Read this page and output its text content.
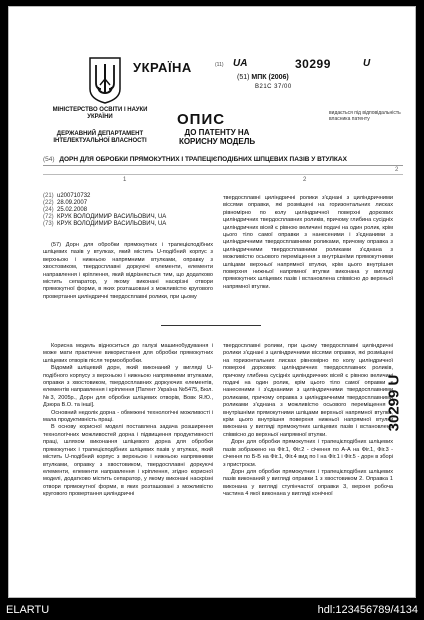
УКРАЇНА
МІНІСТЕРСТВО ОСВІТИ І НАУКИ УКРАЇНИ
ДЕРЖАВНИЙ ДЕПАРТАМЕНТ ІНТЕЛЕКТУАЛЬНОЇ ВЛАСНОСТІ
(11) UA	30299	U
(51) МПК (2006)
B21C 37/00
ОПИС
ДО ПАТЕНТУ НА КОРИСНУ МОДЕЛЬ
видається під відповідальність власника патенту
(54) ДОРН ДЛЯ ОБРОБКИ ПРЯМОКУТНИХ І ТРАПЕЦІЄПОДІБНИХ ШПЦЕВИХ ПАЗІВ У ВТУЛКАХ
1	2
(21) u200710732
(22) 28.09.2007
(24) 25.02.2008
(72) КРУК ВОЛОДИМИР ВАСИЛЬОВИЧ, UA
(73) КРУК ВОЛОДИМИР ВАСИЛЬОВИЧ, UA

(57) Дорн для обробки прямокутних і трапецієподібних шліцевих пазів у втулках, який містить U-подібний корпус з верхньою і нижньою напрямними втулками, оправку з хвостовиком, твердосплавні доркуючі елементи, елементи направлення і кріплення, який відрізняється тим, що додатково містить сепаратор, у якому виконані наскрізні отвори прямокутної форми, в яких розташовані з можливістю кругового провертання циліндричні твердосплавні ролики, при цьому

твердосплавні циліндричні ролики з'єднані з циліндричними віссями оправки, які розміщені на горизонтальних лисках рівномірно по колу циліндричної поверхні доркових циліндричних твердосплавних роликів, причому глибина сусідніх циліндричних вісей є рівною величині подачі на один ролик, крім цього тіло самої оправки з нанесеними і з'єднаними з циліндричними твердосплавними роликами, причому оправка з циліндричними твердосплавними роликами з'єднана з можливістю осьового переміщення з внутрішніми прямокутними шліцами верхньої напрямної втулки, крім цього внутрішня поверхня нижньої напрямної втулки виконана у вигляді прямокутних шліцевих пазів і встановлена співвісно до верхньої напрямної втулки.

Корисна модель відноситься до галузі машинобудування і може мати практичне використання для обробки прямокутних шліцевих отворів після термообробки.

Відомий шліцевий дорн, який виконаний у вигляді U-подібного корпусу з верхньою і нижньою напрямними втулками, оправки з хвостовиком, твердосплавних доркуючих елементів, елементів направлення і кріплення [Патент Україна №5475, Бюл.№3, 2005р., Дорн для обробки шліцевих отворів, Вовк Я.Ю., Дзюра В.О. та інші].

Основний недолік дорна - обмежені технологічні можливості і мала продуктивність праці.

В основу корисної моделі поставлена задача розширення технологічних можливостей дорна і підвищення продуктивності праці, шляхом виконання шліцевого дорна для обробки прямокутних і трапецієподібних шліцевих пазів у втулках, який містить U-подібний корпус з верхньою і нижньою напрямними втулками, оправку з хвостовиком, твердосплавні доркуючі елементи, елементи направлення і кріплення, згідно корисної моделі, додатково містить сепаратор, у якому виконані наскрізні отвори прямокутної форми, в яких розташовані з можливістю кругового провертання циліндричні

твердосплавні ролики, при цьому твердосплавні циліндричні ролики з'єднані з циліндричними віссями оправки, які розміщені на горизонтальних лисках рівномірно по колу циліндричної поверхні доркових циліндричних твердосплавних роликів, причому глибина сусідніх циліндричних вісей є рівною величині подачі на один ролик, крім цього тіло самої оправки з нанесеними і з'єднаними з циліндричними твердосплавними роликами, причому оправка з циліндричними твердосплавними роликами з'єднана з можливістю осьового переміщення з внутрішніми прямокутними шліцами верхньої напрямної втулки, крім цього внутрішня поверхня нижньої напрямної втулки виконана у вигляді прямокутних шліцевих пазів і встановлена співвісно до верхньої напрямної втулки.

Дорн для обробки прямокутних і трапецієподібних шліцевих пазів зображено на Фіг.1, Фіг.2 - січення по А-А на Фіг.1, Фіг.3 - січення по Б-Б на Фіг.1, Фіг.4 вид по I на Фіг.1 і Фіг.5 - дорн в зборі з пристроєм.

Дорн для обробки прямокутних і трапецієподібних шліцевих пазів виконаний у вигляді оправки 1 з хвостовиком 2. Оправка 1 виконана у вигляді ступінчастої оправки 3, верхня робоча частина 4 якої виконана у вигляді конічної

2
30299 U
ELARTU	hdl:123456789/4134
